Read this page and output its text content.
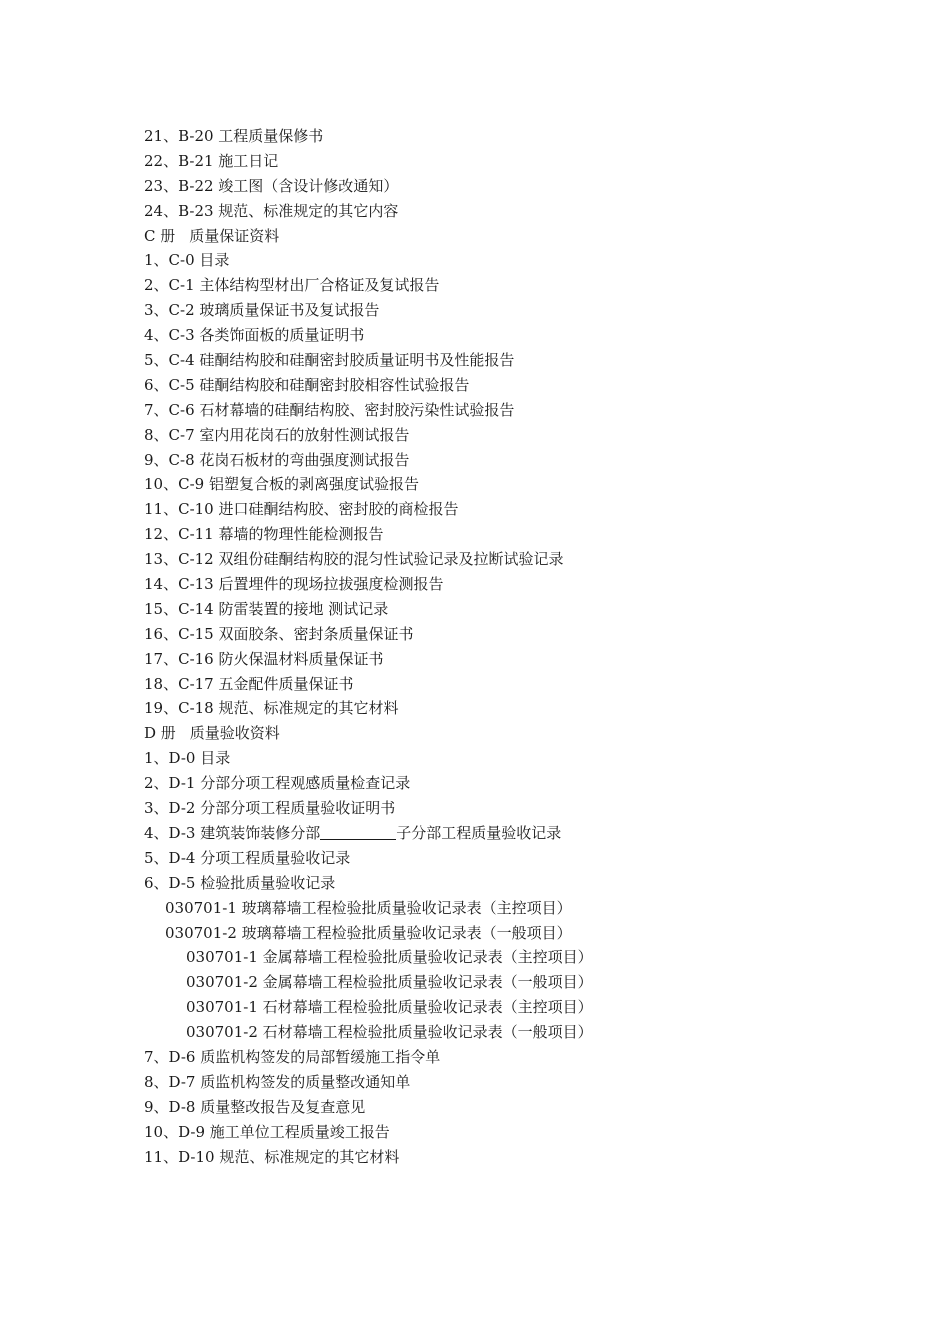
21、B-20 工程质量保修书
22、B-21 施工日记
23、B-22 竣工图（含设计修改通知）
24、B-23 规范、标准规定的其它内容
C 册 质量保证资料
1、C-0 目录
2、C-1 主体结构型材出厂合格证及复试报告
3、C-2 玻璃质量保证书及复试报告
4、C-3 各类饰面板的质量证明书
5、C-4 硅酮结构胶和硅酮密封胶质量证明书及性能报告
6、C-5 硅酮结构胶和硅酮密封胶相容性试验报告
7、C-6 石材幕墙的硅酮结构胶、密封胶污染性试验报告
8、C-7 室内用花岗石的放射性测试报告
9、C-8 花岗石板材的弯曲强度测试报告
10、C-9 铝塑复合板的剥离强度试验报告
11、C-10 进口硅酮结构胶、密封胶的商检报告
12、C-11 幕墙的物理性能检测报告
13、C-12 双组份硅酮结构胶的混匀性试验记录及拉断试验记录
14、C-13 后置埋件的现场拉拔强度检测报告
15、C-14 防雷装置的接地 测试记录
16、C-15 双面胶条、密封条质量保证书
17、C-16 防火保温材料质量保证书
18、C-17 五金配件质量保证书
19、C-18 规范、标准规定的其它材料
D 册 质量验收资料
1、D-0 目录
2、D-1 分部分项工程观感质量检查记录
3、D-2 分部分项工程质量验收证明书
4、D-3 建筑装饰装修分部	子分部工程质量验收记录
5、D-4 分项工程质量验收记录
6、D-5 检验批质量验收记录
030701-1 玻璃幕墙工程检验批质量验收记录表（主控项目）
030701-2 玻璃幕墙工程检验批质量验收记录表（一般项目）
030701-1 金属幕墙工程检验批质量验收记录表（主控项目）
030701-2 金属幕墙工程检验批质量验收记录表（一般项目）
030701-1 石材幕墙工程检验批质量验收记录表（主控项目）
030701-2 石材幕墙工程检验批质量验收记录表（一般项目）
7、D-6 质监机构签发的局部暂缓施工指令单
8、D-7 质监机构签发的质量整改通知单
9、D-8 质量整改报告及复查意见
10、D-9 施工单位工程质量竣工报告
11、D-10 规范、标准规定的其它材料
